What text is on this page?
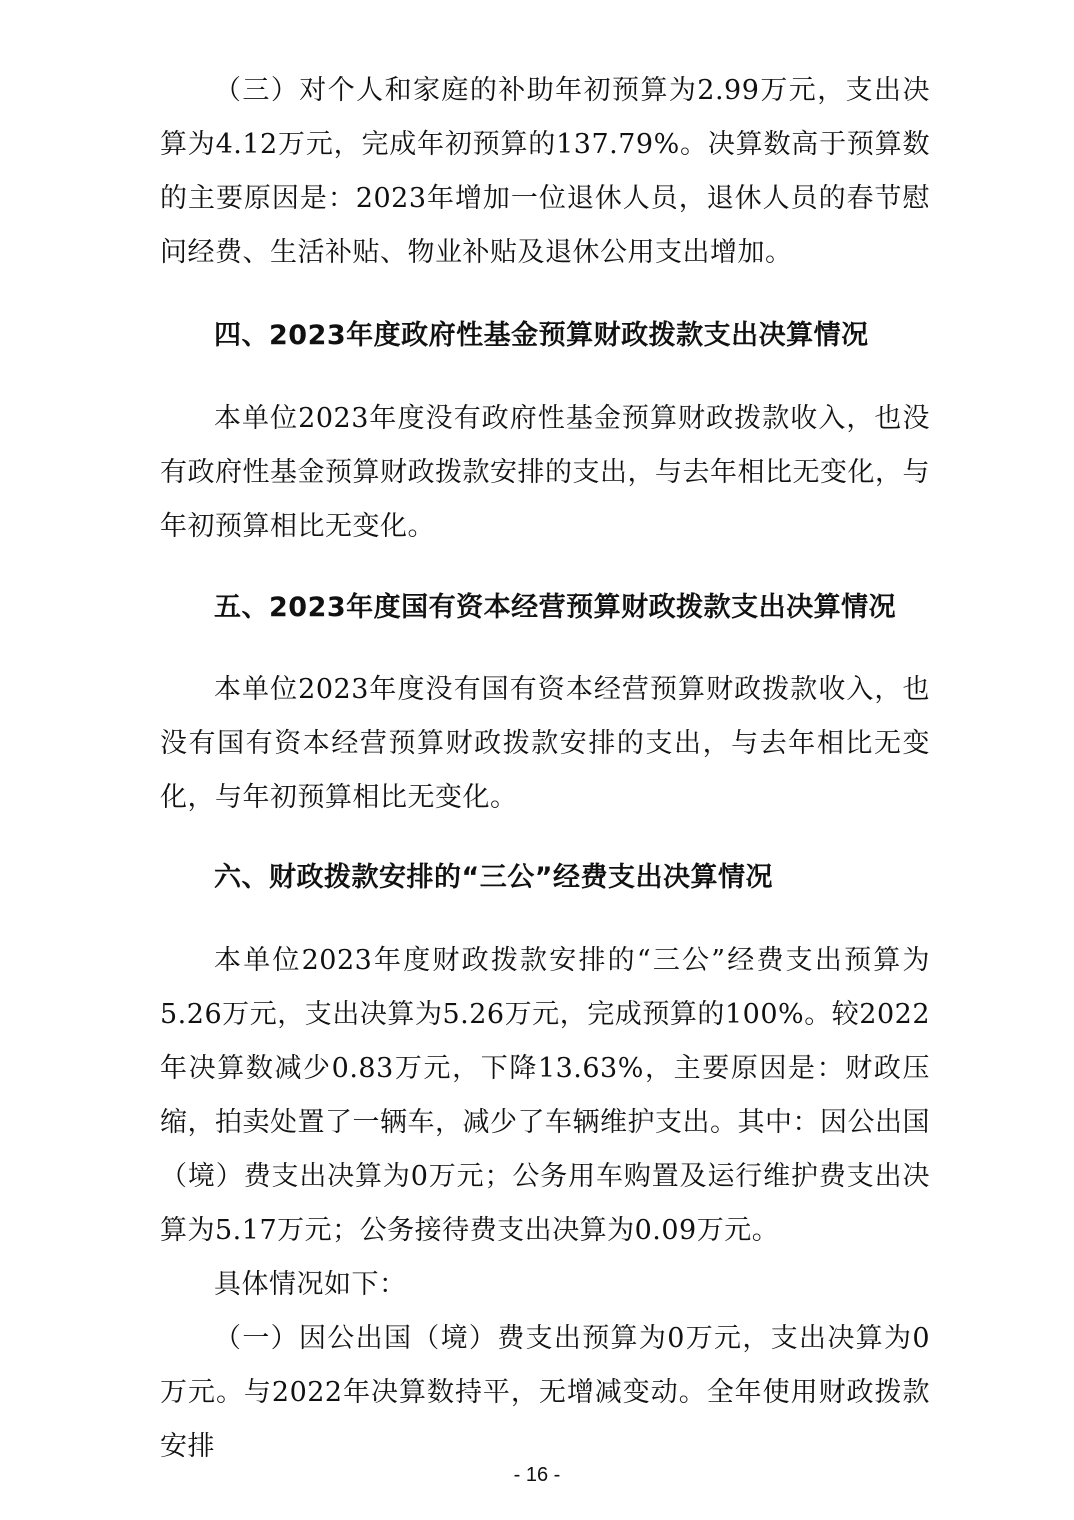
（三）对个人和家庭的补助年初预算为2.99万元，支出决算为4.12万元，完成年初预算的137.79%。决算数高于预算数的主要原因是：2023年增加一位退休人员，退休人员的春节慰问经费、生活补贴、物业补贴及退休公用支出增加。

四、2023年度政府性基金预算财政拨款支出决算情况

本单位2023年度没有政府性基金预算财政拨款收入，也没有政府性基金预算财政拨款安排的支出，与去年相比无变化，与年初预算相比无变化。

五、2023年度国有资本经营预算财政拨款支出决算情况

本单位2023年度没有国有资本经营预算财政拨款收入，也没有国有资本经营预算财政拨款安排的支出，与去年相比无变化，与年初预算相比无变化。

六、财政拨款安排的“三公”经费支出决算情况

本单位2023年度财政拨款安排的“三公”经费支出预算为5.26万元，支出决算为5.26万元，完成预算的100%。较2022年决算数减少0.83万元，下降13.63%，主要原因是：财政压缩，拍卖处置了一辆车，减少了车辆维护支出。其中：因公出国（境）费支出决算为0万元；公务用车购置及运行维护费支出决算为5.17万元；公务接待费支出决算为0.09万元。

具体情况如下：

（一）因公出国（境）费支出预算为0万元，支出决算为0万元。与2022年决算数持平，无增减变动。全年使用财政拨款安排

- 16 -
